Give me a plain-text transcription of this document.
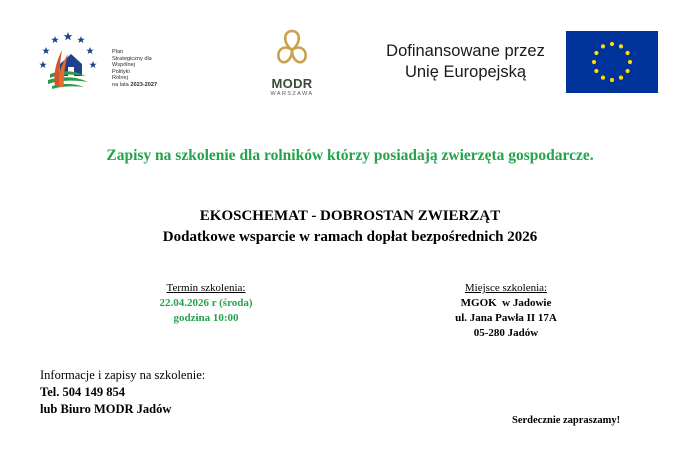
Plan
Strategiczny dla
Wspólnej
Polityki
Rolnej
na lata 2023-2027	MODR
WARSZAWA
Dofinansowane przez
Unię Europejską
Zapisy na szkolenie dla rolników którzy posiadają zwierzęta gospodarcze.
EKOSCHEMAT - DOBROSTAN ZWIERZĄT
Dodatkowe wsparcie w ramach dopłat bezpośrednich 2026
Termin szkolenia:
22.04.2026 r (środa)
godzina 10:00
Miejsce szkolenia:
MGOK  w Jadowie
ul. Jana Pawła II 17A
05-280 Jadów
Informacje i zapisy na szkolenie:
Tel. 504 149 854
lub Biuro MODR Jadów
Serdecznie zapraszamy!
